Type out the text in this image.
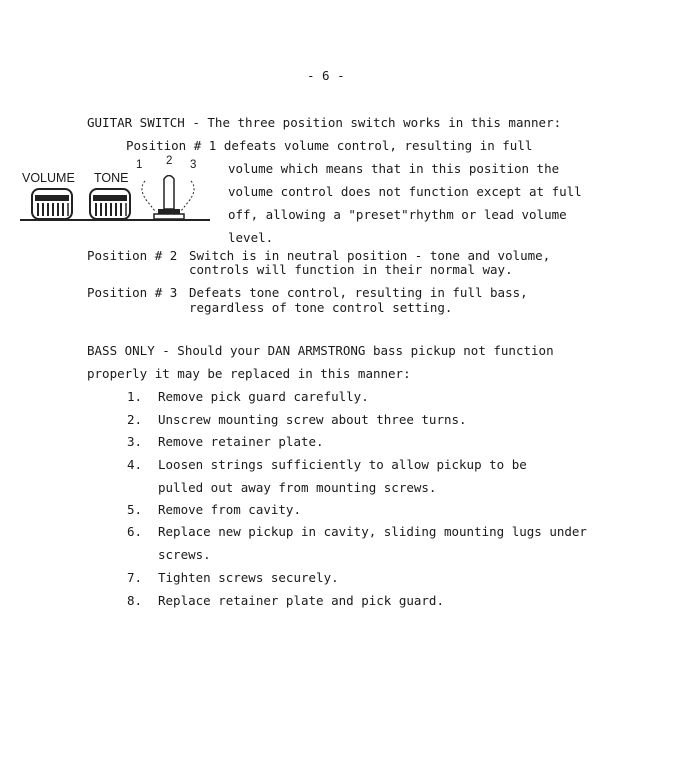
- 6 -
GUITAR SWITCH - The three position switch works in this manner:
Position # 1 defeats volume control, resulting in full
volume which means that in this position the
volume control does not function except at full
off, allowing a "preset"rhythm or lead volume
level.
Position # 2 Switch is in neutral position - tone and volume,
controls will function in their normal way.
Position # 3 Defeats tone control, resulting in full bass,
regardless of tone control setting.
VOLUME TONE
1 2 3
BASS ONLY - Should your DAN ARMSTRONG bass pickup not function
properly it may be replaced in this manner:
1. Remove pick guard carefully.
2. Unscrew mounting screw about three turns.
3. Remove retainer plate.
4. Loosen strings sufficiently to allow pickup to be
pulled out away from mounting screws.
5. Remove from cavity.
6. Replace new pickup in cavity, sliding mounting lugs under
screws.
7. Tighten screws securely.
8. Replace retainer plate and pick guard.
